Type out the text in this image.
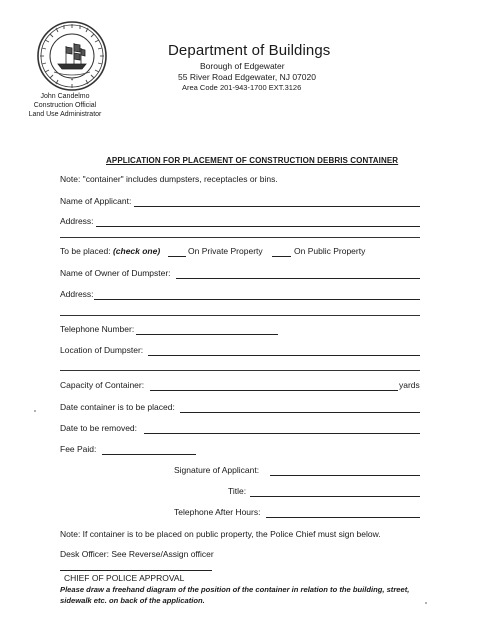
✦
Department of Buildings
Borough of Edgewater
55 River Road Edgewater, NJ 07020
Area Code 201-943-1700 EXT.3126
John Candelmo
Construction Official
Land Use Administrator
APPLICATION FOR PLACEMENT OF CONSTRUCTION DEBRIS CONTAINER
Note: "container" includes dumpsters, receptacles or bins.
Name of Applicant:
Address:
To be placed: (check one)	On Private Property	On Public Property
Name of Owner of Dumpster:
Address:
Telephone Number:
Location of Dumpster:
Capacity of Container:	yards
Date container is to be placed:
Date to be removed:
Fee Paid:
Signature of Applicant:
Title:
Telephone After Hours:
Note: If container is to be placed on public property, the Police Chief must sign below.
Desk Officer: See Reverse/Assign officer
CHIEF OF POLICE APPROVAL
Please draw a freehand diagram of the position of the container in relation to the building, street, sidewalk etc. on back of the application.
